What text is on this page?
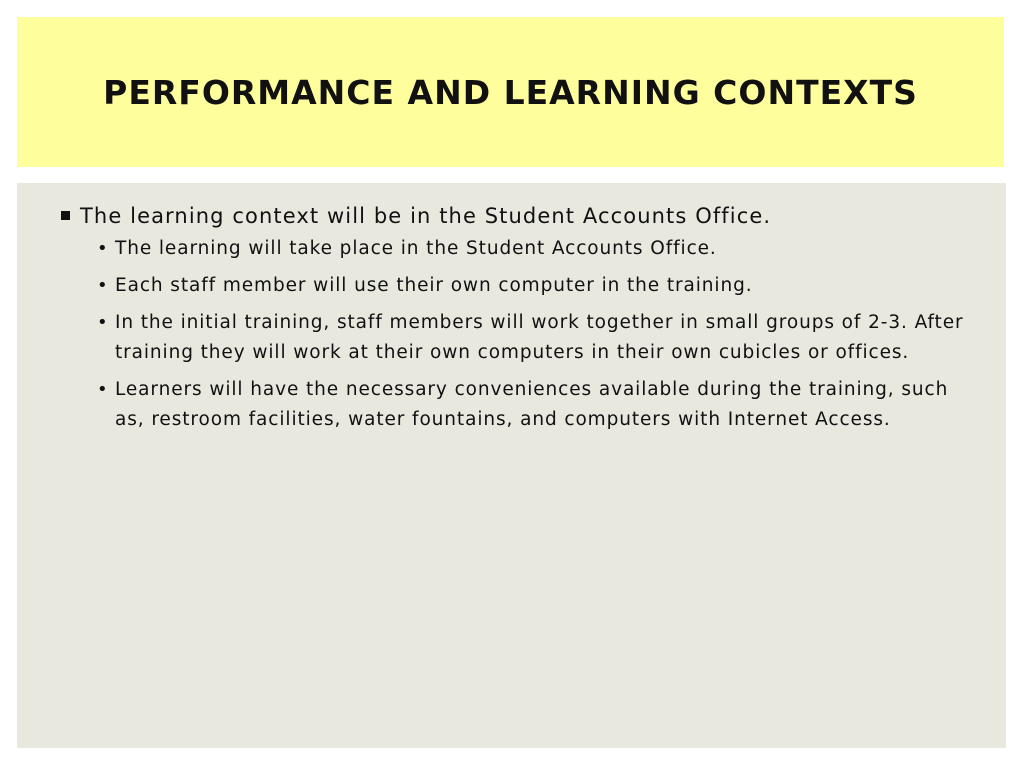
PERFORMANCE AND LEARNING CONTEXTS
The learning context will be in the Student Accounts Office.
• The learning will take place in the Student Accounts Office.
• Each staff member will use their own computer in the training.
• In the initial training, staff members will work together in small groups of 2-3. After training they will work at their own computers in their own cubicles or offices.
• Learners will have the necessary conveniences available during the training, such as, restroom facilities, water fountains, and computers with Internet Access.
